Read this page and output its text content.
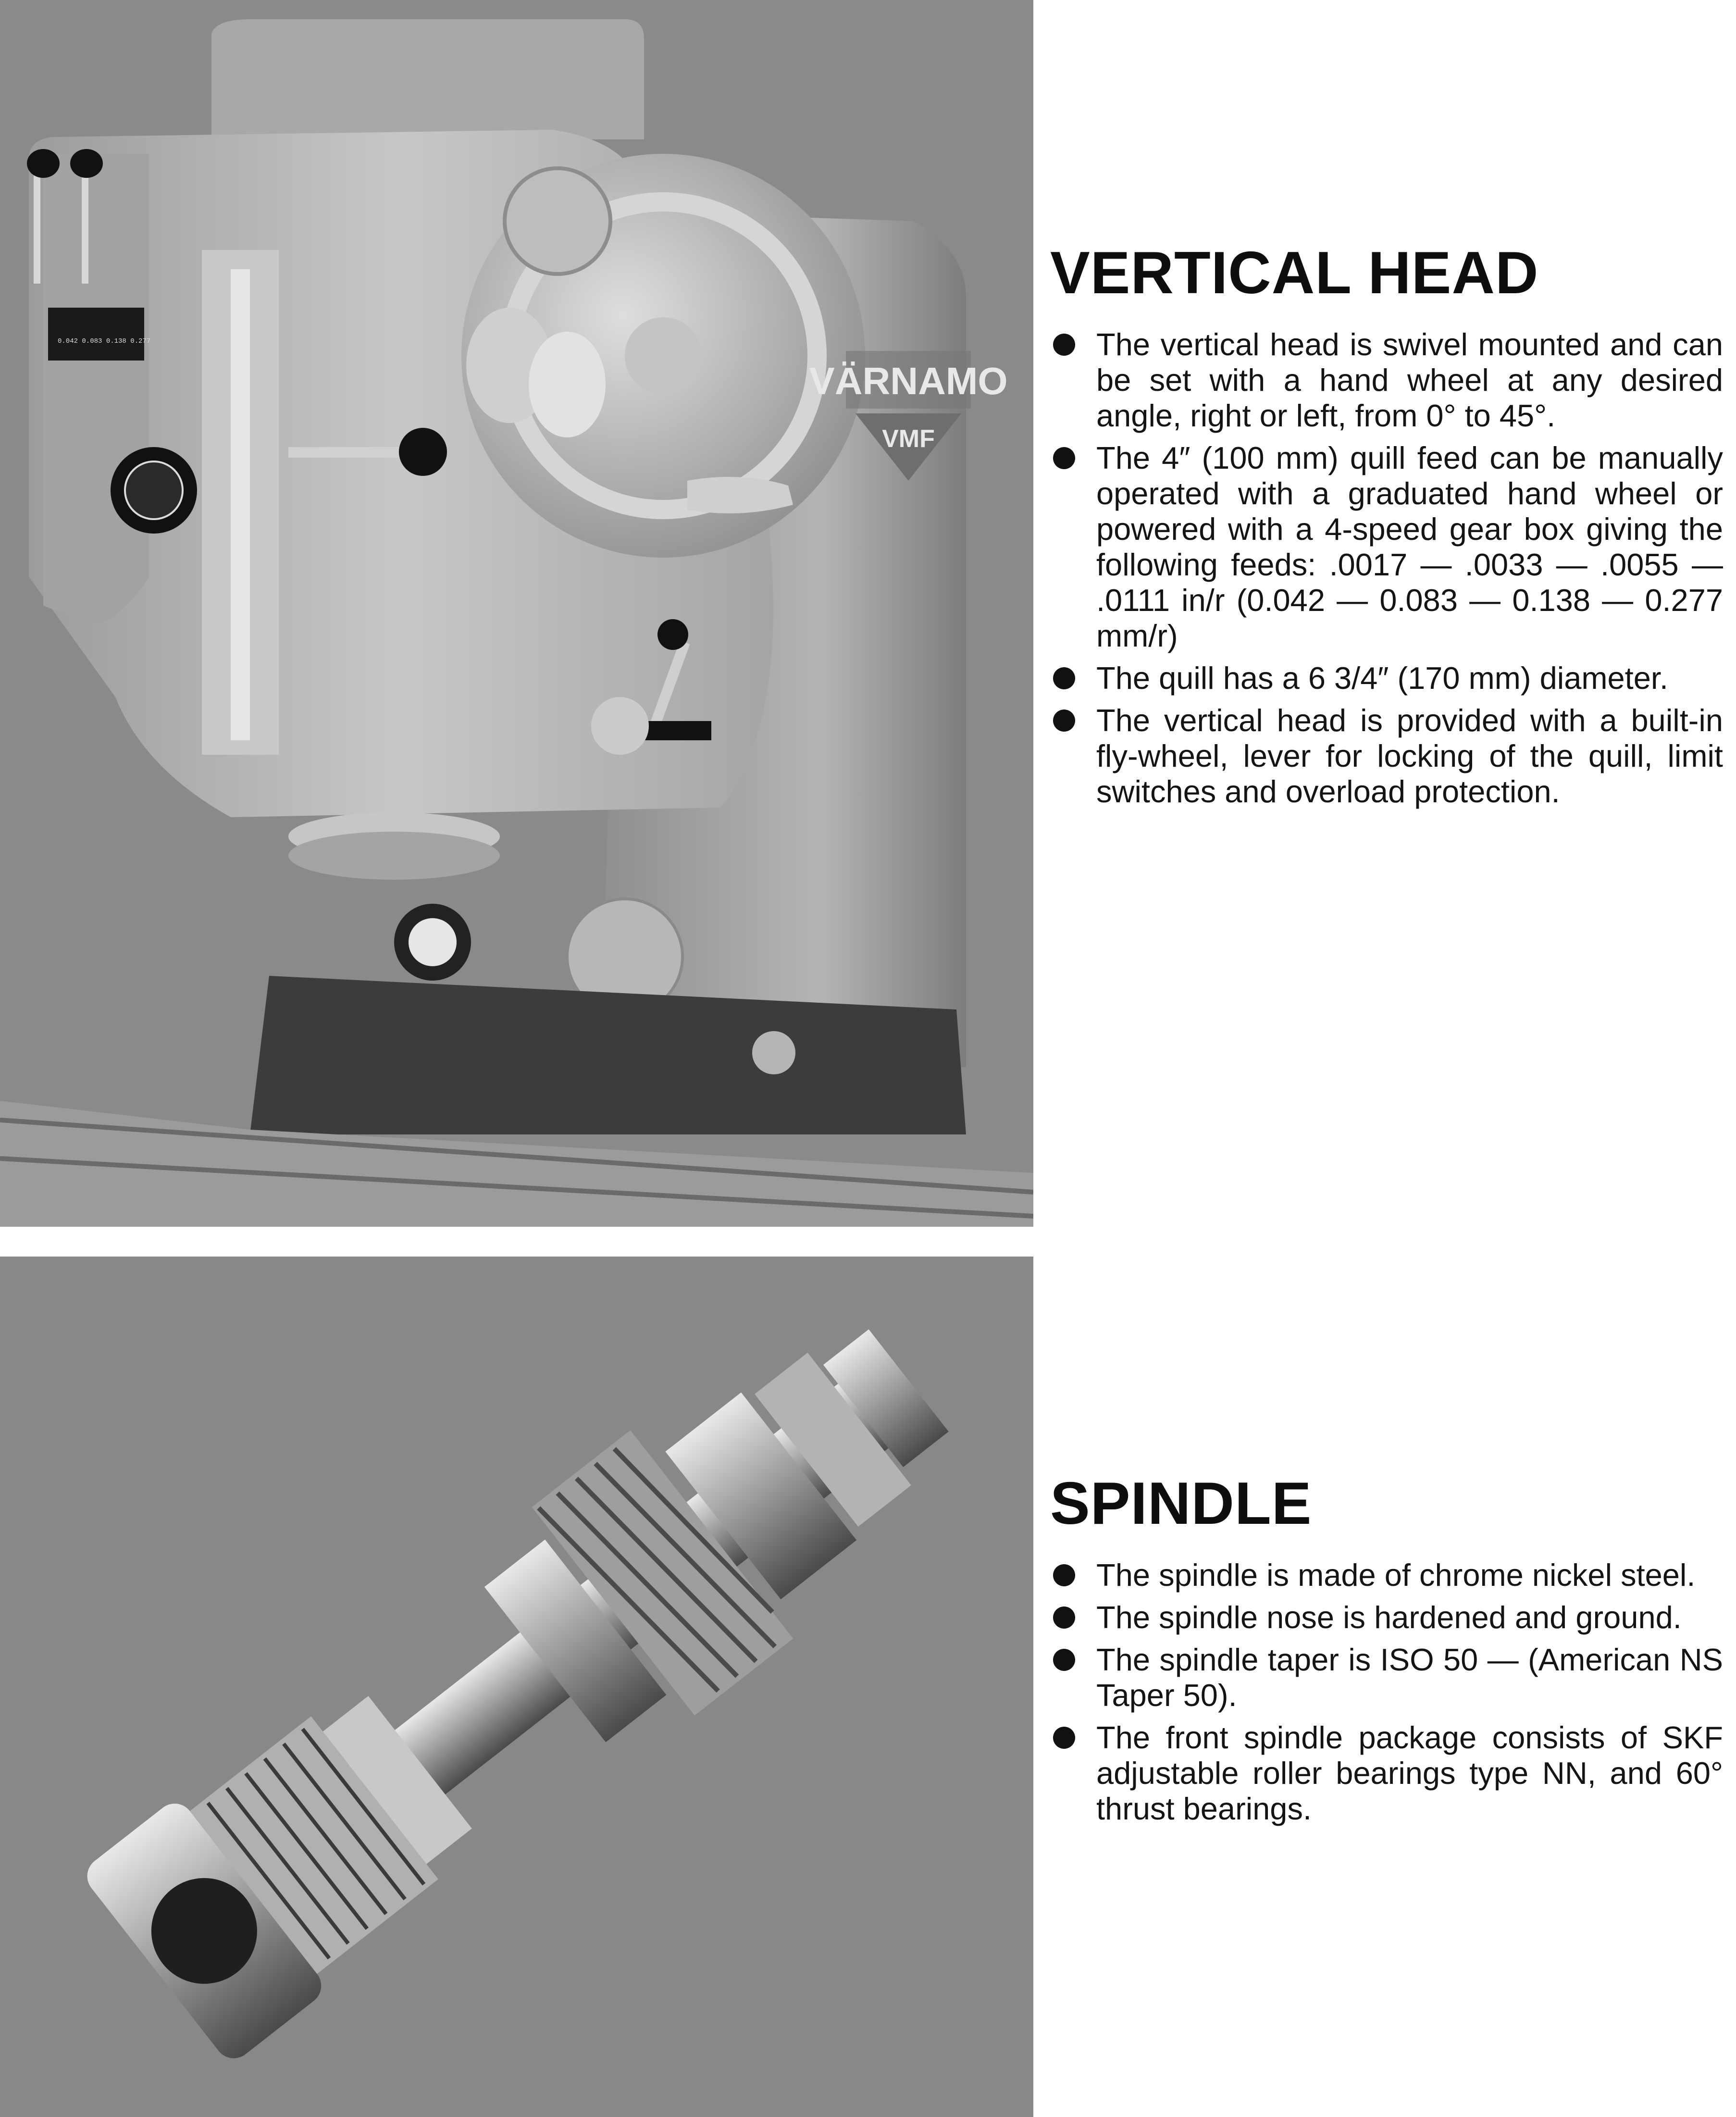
VÄRNAMO
VMF
VERTICAL HEAD
The vertical head is swivel mounted and can be set with a hand wheel at any desired angle, right or left, from 0° to 45°.
The 4″ (100 mm) quill feed can be manually operated with a graduated hand wheel or powered with a 4-speed gear box giving the following feeds: .0017 — .0033 — .0055 — .0111 in/r (0.042 — 0.083 — 0.138 — 0.277 mm/r)
The quill has a 6 3/4″ (170 mm) diameter.
The vertical head is provided with a built-in fly-wheel, lever for locking of the quill, limit switches and overload protection.
SPINDLE
The spindle is made of chrome nickel steel.
The spindle nose is hardened and ground.
The spindle taper is ISO 50 — (American NS Taper 50).
The front spindle package consists of SKF adjustable roller bearings type NN, and 60° thrust bearings.
0.042 0.083 0.138 0.277
